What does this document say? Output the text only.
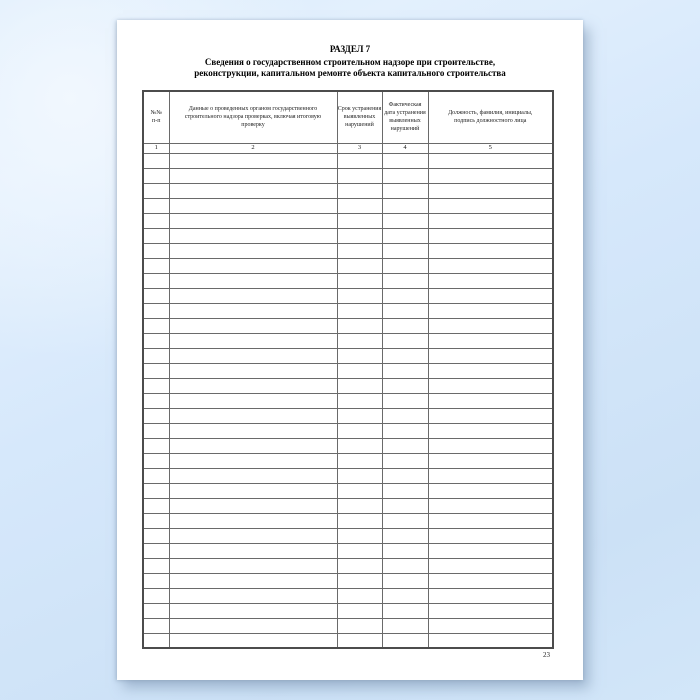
РАЗДЕЛ 7
Сведения о государственном строительном надзоре при строительстве,
реконструкции, капитальном ремонте объекта капитального строительства
№№
п-п	Данные о проведенных органом государственного строительного надзора проверках, включая итоговую проверку	Срок устранения выявленных нарушений	Фактическая дата устранения выявленных нарушений	Должность, фамилия, инициалы, подпись должностного лица
1	2	3	4	5

23
